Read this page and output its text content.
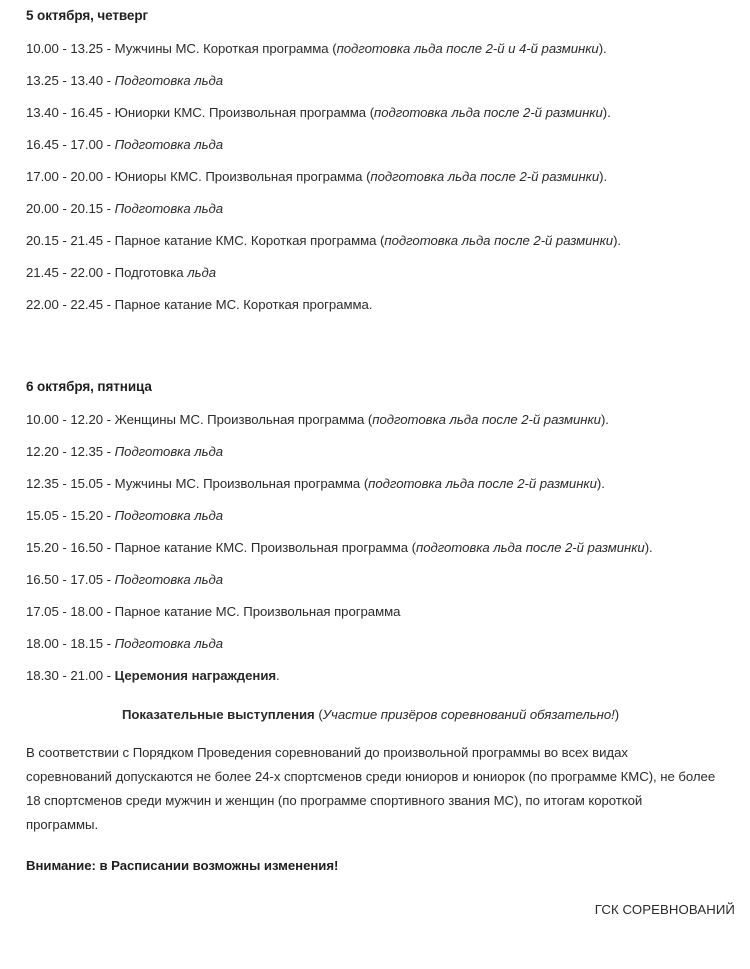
5 октября, четверг

10.00 - 13.25 - Мужчины МС. Короткая программа (подготовка льда после 2-й и 4-й разминки).

13.25 - 13.40 - Подготовка льда

13.40 - 16.45 - Юниорки КМС. Произвольная программа (подготовка льда после 2-й разминки).

16.45 - 17.00 - Подготовка льда

17.00 - 20.00 - Юниоры КМС. Произвольная программа (подготовка льда после 2-й разминки).

20.00 - 20.15 - Подготовка льда

20.15 - 21.45 - Парное катание КМС. Короткая программа (подготовка льда после 2-й разминки).

21.45 - 22.00 - Подготовка льда

22.00 - 22.45 - Парное катание МС. Короткая программа.

6 октября, пятница

10.00 - 12.20 - Женщины МС. Произвольная программа (подготовка льда после 2-й разминки).

12.20 - 12.35 - Подготовка льда

12.35 - 15.05 - Мужчины МС. Произвольная программа (подготовка льда после 2-й разминки).

15.05 - 15.20 - Подготовка льда

15.20 - 16.50 - Парное катание КМС. Произвольная программа (подготовка льда после 2-й разминки).

16.50 - 17.05 - Подготовка льда

17.05 - 18.00 - Парное катание МС. Произвольная программа

18.00 - 18.15 - Подготовка льда

18.30 - 21.00 - Церемония награждения.

Показательные выступления (Участие призёров соревнований обязательно!)

В соответствии с Порядком Проведения соревнований до произвольной программы во всех видах соревнований допускаются не более 24-х спортсменов среди юниоров и юниорок (по программе КМС), не более 18 спортсменов среди мужчин и женщин (по программе спортивного звания МС), по итогам короткой программы.

Внимание: в Расписании возможны изменения!

ГСК СОРЕВНОВАНИЙ
